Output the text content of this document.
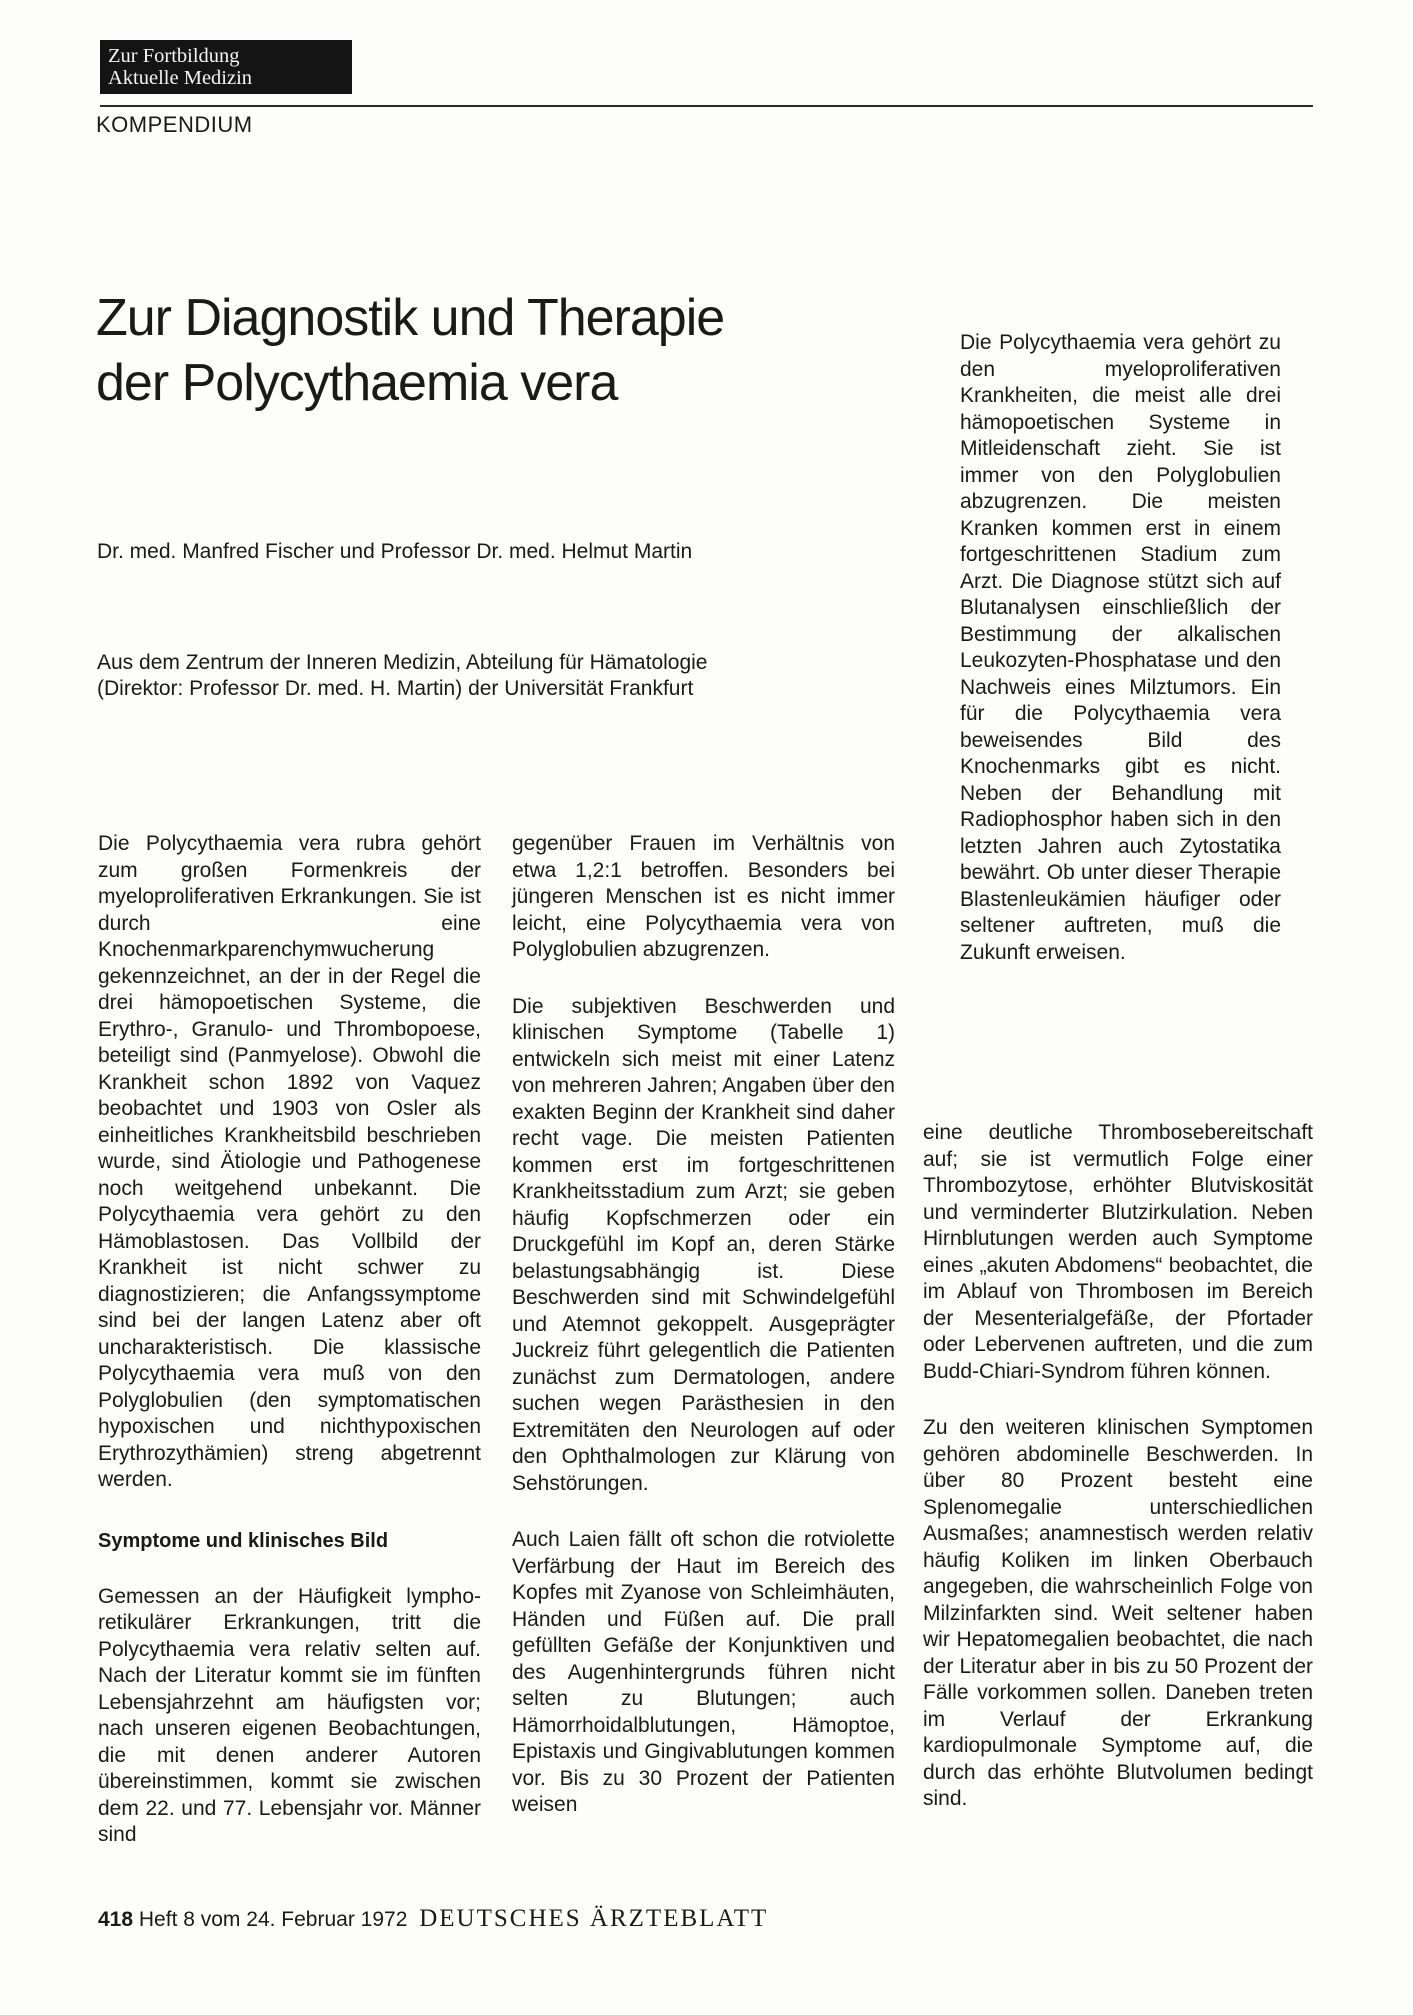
Zur Fortbildung
Aktuelle Medizin
KOMPENDIUM
Zur Diagnostik und Therapie
der Polycythaemia vera
Dr. med. Manfred Fischer und Professor Dr. med. Helmut Martin
Aus dem Zentrum der Inneren Medizin, Abteilung für Hämatologie
(Direktor: Professor Dr. med. H. Martin) der Universität Frankfurt

Die Polycythaemia vera gehört zu den myeloproliferativen Krankheiten, die meist alle drei hämopoetischen Systeme in Mitleidenschaft zieht. Sie ist immer von den Polyglobulien abzugrenzen. Die meisten Kranken kommen erst in einem fortgeschrittenen Stadium zum Arzt. Die Diagnose stützt sich auf Blutanalysen einschließlich der Bestimmung der alkalischen Leukozyten-Phosphatase und den Nachweis eines Milztumors. Ein für die Polycythaemia vera beweisendes Bild des Knochenmarks gibt es nicht. Neben der Behandlung mit Radiophosphor haben sich in den letzten Jahren auch Zytostatika bewährt. Ob unter dieser Therapie Blastenleukämien häufiger oder seltener auftreten, muß die Zukunft erweisen.

Die Polycythaemia vera rubra gehört zum großen Formenkreis der myeloproliferativen Erkrankungen. Sie ist durch eine Knochenmarkparenchymwucherung gekennzeichnet, an der in der Regel die drei hämopoetischen Systeme, die Erythro-, Granulo- und Thrombopoese, beteiligt sind (Panmyelose). Obwohl die Krankheit schon 1892 von Vaquez beobachtet und 1903 von Osler als einheitliches Krankheitsbild beschrieben wurde, sind Ätiologie und Pathogenese noch weitgehend unbekannt. Die Polycythaemia vera gehört zu den Hämoblastosen. Das Vollbild der Krankheit ist nicht schwer zu diagnostizieren; die Anfangssymptome sind bei der langen Latenz aber oft uncharakteristisch. Die klassische Polycythaemia vera muß von den Polyglobulien (den symptomatischen hypoxischen und nichthypoxischen Erythrozythämien) streng abgetrennt werden.

Symptome und klinisches Bild

Gemessen an der Häufigkeit lympho-retikulärer Erkrankungen, tritt die Polycythaemia vera relativ selten auf. Nach der Literatur kommt sie im fünften Lebensjahrzehnt am häufigsten vor; nach unseren eigenen Beobachtungen, die mit denen anderer Autoren übereinstimmen, kommt sie zwischen dem 22. und 77. Lebensjahr vor. Männer sind

gegenüber Frauen im Verhältnis von etwa 1,2:1 betroffen. Besonders bei jüngeren Menschen ist es nicht immer leicht, eine Polycythaemia vera von Polyglobulien abzugrenzen.

Die subjektiven Beschwerden und klinischen Symptome (Tabelle 1) entwickeln sich meist mit einer Latenz von mehreren Jahren; Angaben über den exakten Beginn der Krankheit sind daher recht vage. Die meisten Patienten kommen erst im fortgeschrittenen Krankheitsstadium zum Arzt; sie geben häufig Kopfschmerzen oder ein Druckgefühl im Kopf an, deren Stärke belastungsabhängig ist. Diese Beschwerden sind mit Schwindelgefühl und Atemnot gekoppelt. Ausgeprägter Juckreiz führt gelegentlich die Patienten zunächst zum Dermatologen, andere suchen wegen Parästhesien in den Extremitäten den Neurologen auf oder den Ophthalmologen zur Klärung von Sehstörungen.

Auch Laien fällt oft schon die rotviolette Verfärbung der Haut im Bereich des Kopfes mit Zyanose von Schleimhäuten, Händen und Füßen auf. Die prall gefüllten Gefäße der Konjunktiven und des Augenhintergrunds führen nicht selten zu Blutungen; auch Hämorrhoidalblutungen, Hämoptoe, Epistaxis und Gingivablutungen kommen vor. Bis zu 30 Prozent der Patienten weisen

eine deutliche Thrombosebereitschaft auf; sie ist vermutlich Folge einer Thrombozytose, erhöhter Blutviskosität und verminderter Blutzirkulation. Neben Hirnblutungen werden auch Symptome eines „akuten Abdomens“ beobachtet, die im Ablauf von Thrombosen im Bereich der Mesenterialgefäße, der Pfortader oder Lebervenen auftreten, und die zum Budd-Chiari-Syndrom führen können.

Zu den weiteren klinischen Symptomen gehören abdominelle Beschwerden. In über 80 Prozent besteht eine Splenomegalie unterschiedlichen Ausmaßes; anamnestisch werden relativ häufig Koliken im linken Oberbauch angegeben, die wahrscheinlich Folge von Milzinfarkten sind. Weit seltener haben wir Hepatomegalien beobachtet, die nach der Literatur aber in bis zu 50 Prozent der Fälle vorkommen sollen. Daneben treten im Verlauf der Erkrankung kardiopulmonale Symptome auf, die durch das erhöhte Blutvolumen bedingt sind.

418 Heft 8 vom 24. Februar 1972 DEUTSCHES ÄRZTEBLATT
